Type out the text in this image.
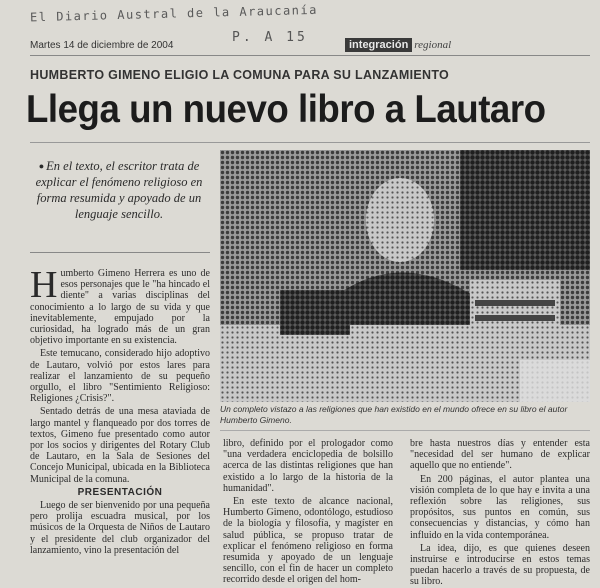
El Diario Austral de la Araucanía
P. A 15
Martes 14 de diciembre de 2004	integración regional
HUMBERTO GIMENO ELIGIO LA COMUNA PARA SU LANZAMIENTO
Llega un nuevo libro a Lautaro
● En el texto, el escritor trata de explicar el fenómeno religioso en forma resumida y apoyado de un lenguaje sencillo.
Un completo vistazo a las religiones que han existido en el mundo ofrece en su libro el autor Humberto Gimeno.

Humberto Gimeno Herrera es uno de esos personajes que le "ha hincado el diente" a varias disciplinas del conocimiento a lo largo de su vida y que inevitablemente, empujado por la curiosidad, ha logrado más de un gran objetivo importante en su existencia.

Este temucano, considerado hijo adoptivo de Lautaro, volvió por estos lares para realizar el lanzamiento de su pequeño orgullo, el libro "Sentimiento Religioso: Religiones ¿Crisis?".

Sentado detrás de una mesa ataviada de largo mantel y flanqueado por dos torres de textos, Gimeno fue presentado como autor por los socios y dirigentes del Rotary Club de Lautaro, en la Sala de Sesiones del Concejo Municipal, ubicada en la Biblioteca Municipal de la comuna.

PRESENTACIÓN

Luego de ser bienvenido por una pequeña pero prolija escuadra musical, por los músicos de la Orquesta de Niños de Lautaro y el presidente del club organizador del lanzamiento, vino la presentación del

libro, definido por el prologador como "una verdadera enciclopedia de bolsillo acerca de las distintas religiones que han existido a lo largo de la historia de la humanidad".

En este texto de alcance nacional, Humberto Gimeno, odontólogo, estudioso de la biología y filosofía, y magíster en salud pública, se propuso tratar de explicar el fenómeno religioso en forma resumida y apoyado de un lenguaje sencillo, con el fin de hacer un completo recorrido desde el origen del hom-

bre hasta nuestros días y entender esta "necesidad del ser humano de explicar aquello que no entiende".

En 200 páginas, el autor plantea una visión completa de lo que hay e invita a una reflexión sobre las religiones, sus propósitos, sus puntos en común, sus consecuencias y distancias, y cómo han influido en la vida contemporánea.

La idea, dijo, es que quienes deseen instruirse e introducirse en estos temas puedan hacerlo a través de su propuesta, de su libro.
